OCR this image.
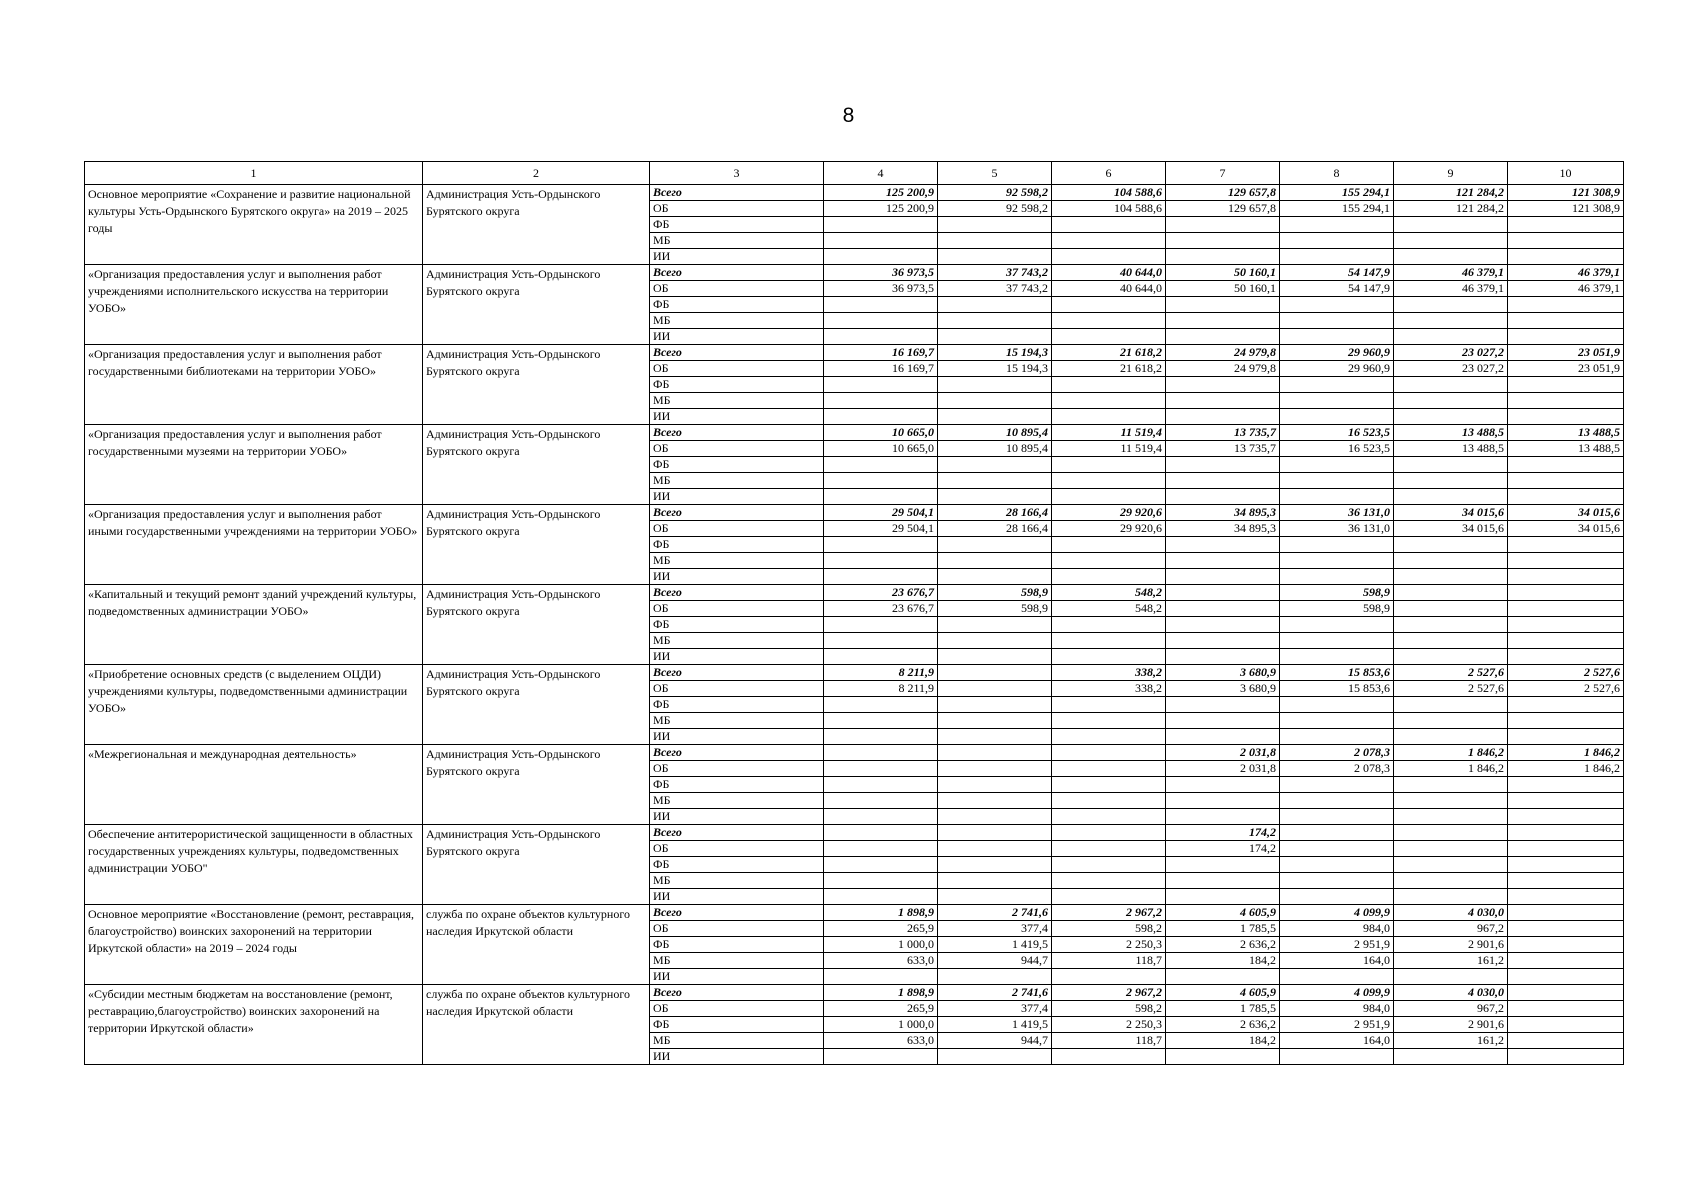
8
1	2	3	4	5	6	7	8	9	10

Основное мероприятие «Сохранение и развитие национальной культуры Усть-Ордынского Бурятского округа» на 2019 – 2025 годы	Администрация Усть-Ордынского Бурятского округа	Всего	125 200,9	92 598,2	104 588,6	129 657,8	155 294,1	121 284,2	121 308,9
		ОБ	125 200,9	92 598,2	104 588,6	129 657,8	155 294,1	121 284,2	121 308,9
		ФБ							
		МБ							
		ИИ							

«Организация предоставления услуг и выполнения работ учреждениями исполнительского искусства на территории УОБО»	Администрация Усть-Ордынского Бурятского округа	Всего	36 973,5	37 743,2	40 644,0	50 160,1	54 147,9	46 379,1	46 379,1
		ОБ	36 973,5	37 743,2	40 644,0	50 160,1	54 147,9	46 379,1	46 379,1
		ФБ							
		МБ							
		ИИ							

«Организация предоставления услуг и выполнения работ государственными библиотеками на территории УОБО»	Администрация Усть-Ордынского Бурятского округа	Всего	16 169,7	15 194,3	21 618,2	24 979,8	29 960,9	23 027,2	23 051,9
		ОБ	16 169,7	15 194,3	21 618,2	24 979,8	29 960,9	23 027,2	23 051,9
		ФБ							
		МБ							
		ИИ							

«Организация предоставления услуг и выполнения работ государственными музеями на территории УОБО»	Администрация Усть-Ордынского Бурятского округа	Всего	10 665,0	10 895,4	11 519,4	13 735,7	16 523,5	13 488,5	13 488,5
		ОБ	10 665,0	10 895,4	11 519,4	13 735,7	16 523,5	13 488,5	13 488,5
		ФБ							
		МБ							
		ИИ							

«Организация предоставления услуг и выполнения работ иными государственными учреждениями на территории УОБО»	Администрация Усть-Ордынского Бурятского округа	Всего	29 504,1	28 166,4	29 920,6	34 895,3	36 131,0	34 015,6	34 015,6
		ОБ	29 504,1	28 166,4	29 920,6	34 895,3	36 131,0	34 015,6	34 015,6
		ФБ							
		МБ							
		ИИ							

«Капитальный и текущий ремонт зданий учреждений культуры, подведомственных администрации УОБО»	Администрация Усть-Ордынского Бурятского округа	Всего	23 676,7	598,9	548,2		598,9		
		ОБ	23 676,7	598,9	548,2		598,9		
		ФБ							
		МБ							
		ИИ							

«Приобретение основных средств (с выделением ОЦДИ) учреждениями культуры, подведомственными администрации УОБО»	Администрация Усть-Ордынского Бурятского округа	Всего	8 211,9		338,2	3 680,9	15 853,6	2 527,6	2 527,6
		ОБ	8 211,9		338,2	3 680,9	15 853,6	2 527,6	2 527,6
		ФБ							
		МБ							
		ИИ							

«Межрегиональная и международная деятельность»	Администрация Усть-Ордынского Бурятского округа	Всего				2 031,8	2 078,3	1 846,2	1 846,2
		ОБ				2 031,8	2 078,3	1 846,2	1 846,2
		ФБ							
		МБ							
		ИИ							

Обеспечение антитерористической защищенности в областных государственных учреждениях культуры, подведомственных администрации УОБО"	Администрация Усть-Ордынского Бурятского округа	Всего				174,2			
		ОБ				174,2			
		ФБ							
		МБ							
		ИИ							

Основное мероприятие «Восстановление (ремонт, реставрация, благоустройство) воинских захоронений на территории Иркутской области» на 2019 – 2024 годы	служба по охране объектов культурного наследия Иркутской области	Всего	1 898,9	2 741,6	2 967,2	4 605,9	4 099,9	4 030,0	
		ОБ	265,9	377,4	598,2	1 785,5	984,0	967,2	
		ФБ	1 000,0	1 419,5	2 250,3	2 636,2	2 951,9	2 901,6	
		МБ	633,0	944,7	118,7	184,2	164,0	161,2	
		ИИ							

«Субсидии местным бюджетам на восстановление (ремонт, реставрацию,благоустройство) воинских захоронений на территории Иркутской области»	служба по охране объектов культурного наследия Иркутской области	Всего	1 898,9	2 741,6	2 967,2	4 605,9	4 099,9	4 030,0	
		ОБ	265,9	377,4	598,2	1 785,5	984,0	967,2	
		ФБ	1 000,0	1 419,5	2 250,3	2 636,2	2 951,9	2 901,6	
		МБ	633,0	944,7	118,7	184,2	164,0	161,2	
		ИИ							
